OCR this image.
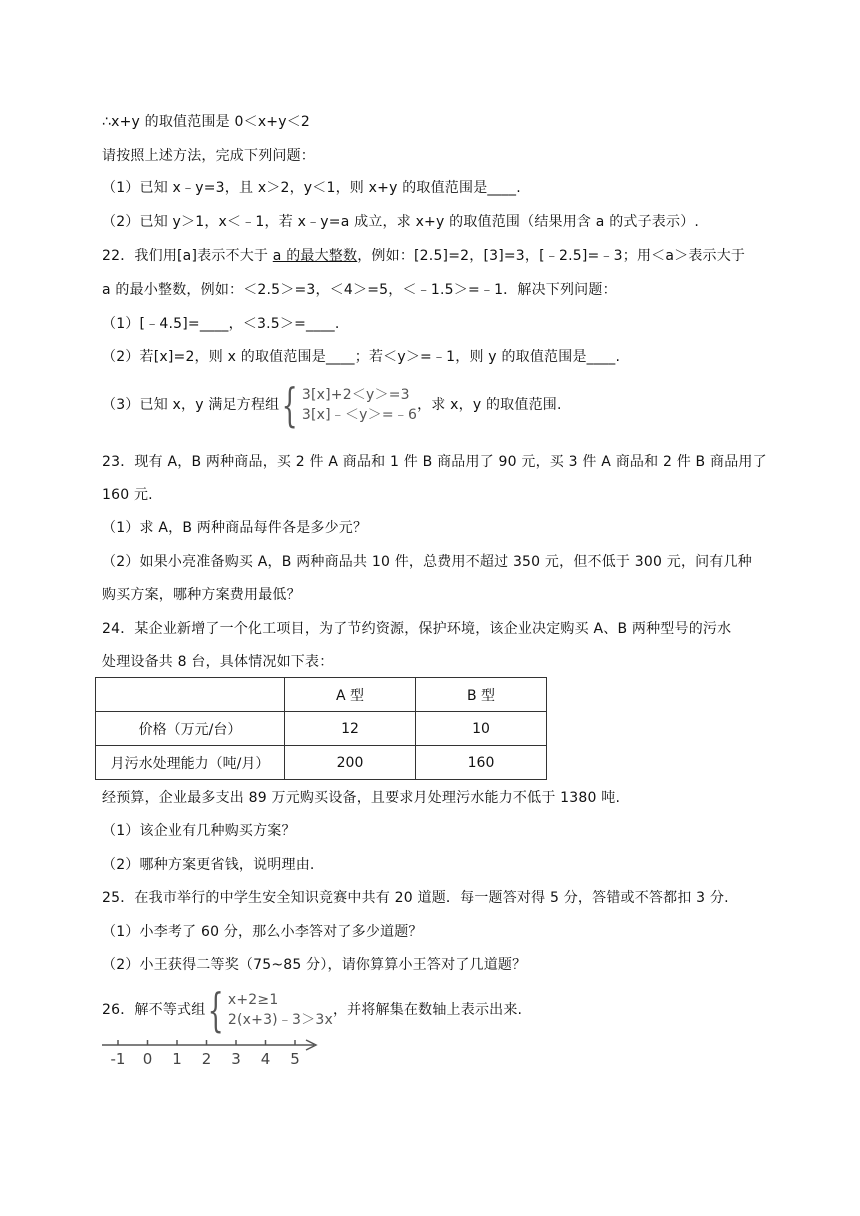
∴x+y 的取值范围是 0＜x+y＜2
请按照上述方法，完成下列问题：
（1）已知 x﹣y=3，且 x＞2，y＜1，则 x+y 的取值范围是____.
（2）已知 y＞1，x＜﹣1，若 x﹣y=a 成立，求 x+y 的取值范围（结果用含 a 的式子表示）.
22．我们用[a]表示不大于 a 的最大整数，例如：[2.5]=2，[3]=3，[﹣2.5]=﹣3；用＜a＞表示大于
a 的最小整数，例如：＜2.5＞=3，＜4＞=5，＜﹣1.5＞=﹣1．解决下列问题：
（1）[﹣4.5]=____，＜3.5＞=____.
（2）若[x]=2，则 x 的取值范围是____；若＜y＞=﹣1，则 y 的取值范围是____.
（3）已知 x，y 满足方程组 { 3[x]+2＜y＞=3
3[x]﹣＜y＞=﹣6
，求 x，y 的取值范围.
23．现有 A，B 两种商品，买 2 件 A 商品和 1 件 B 商品用了 90 元，买 3 件 A 商品和 2 件 B 商品用了
160 元.
（1）求 A，B 两种商品每件各是多少元？
（2）如果小亮准备购买 A，B 两种商品共 10 件，总费用不超过 350 元，但不低于 300 元，问有几种
购买方案，哪种方案费用最低？
24．某企业新增了一个化工项目，为了节约资源，保护环境，该企业决定购买 A、B 两种型号的污水
处理设备共 8 台，具体情况如下表：
	A 型	B 型
价格（万元/台）	12	10
月污水处理能力（吨/月）	200	160
经预算，企业最多支出 89 万元购买设备，且要求月处理污水能力不低于 1380 吨.
（1）该企业有几种购买方案？
（2）哪种方案更省钱，说明理由.
25．在我市举行的中学生安全知识竞赛中共有 20 道题．每一题答对得 5 分，答错或不答都扣 3 分.
（1）小李考了 60 分，那么小李答对了多少道题？
（2）小王获得二等奖（75~85 分），请你算算小王答对了几道题？
26．解不等式组 { x+2≥1
2(x+3)﹣3＞3x
，并将解集在数轴上表示出来.
-1 0 1 2 3 4 5
